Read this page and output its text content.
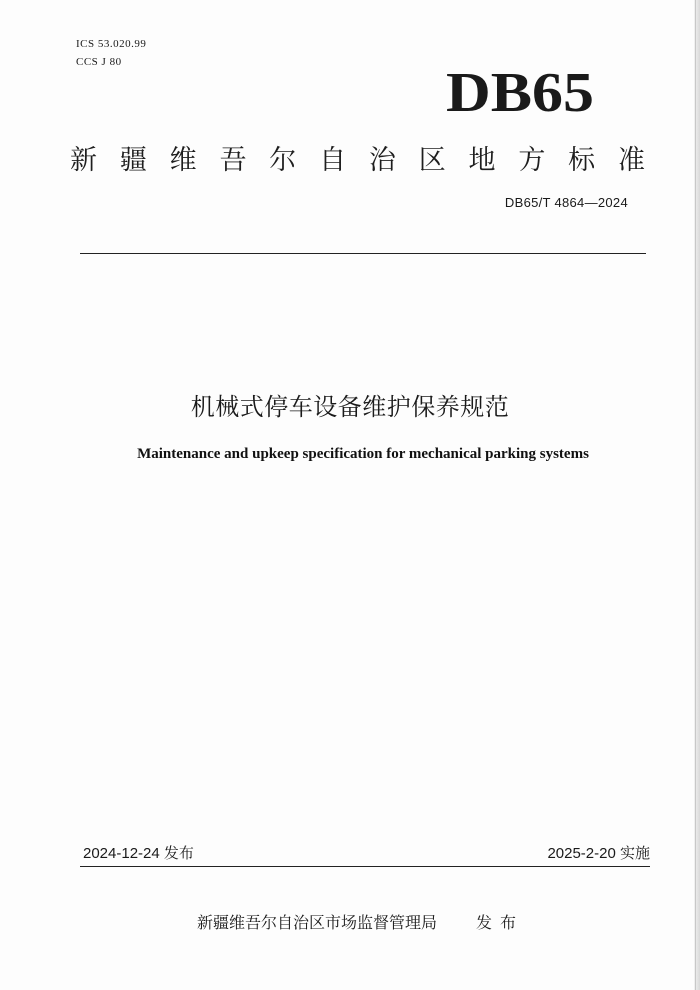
ICS 53.020.99
CCS J 80	DB65
新 疆 维 吾 尔 自 治 区 地 方 标 准
DB65/T 4864—2024
机械式停车设备维护保养规范
Maintenance and upkeep specification for mechanical parking systems
2024-12-24 发布	2025-2-20 实施
新疆维吾尔自治区市场监督管理局 发布
